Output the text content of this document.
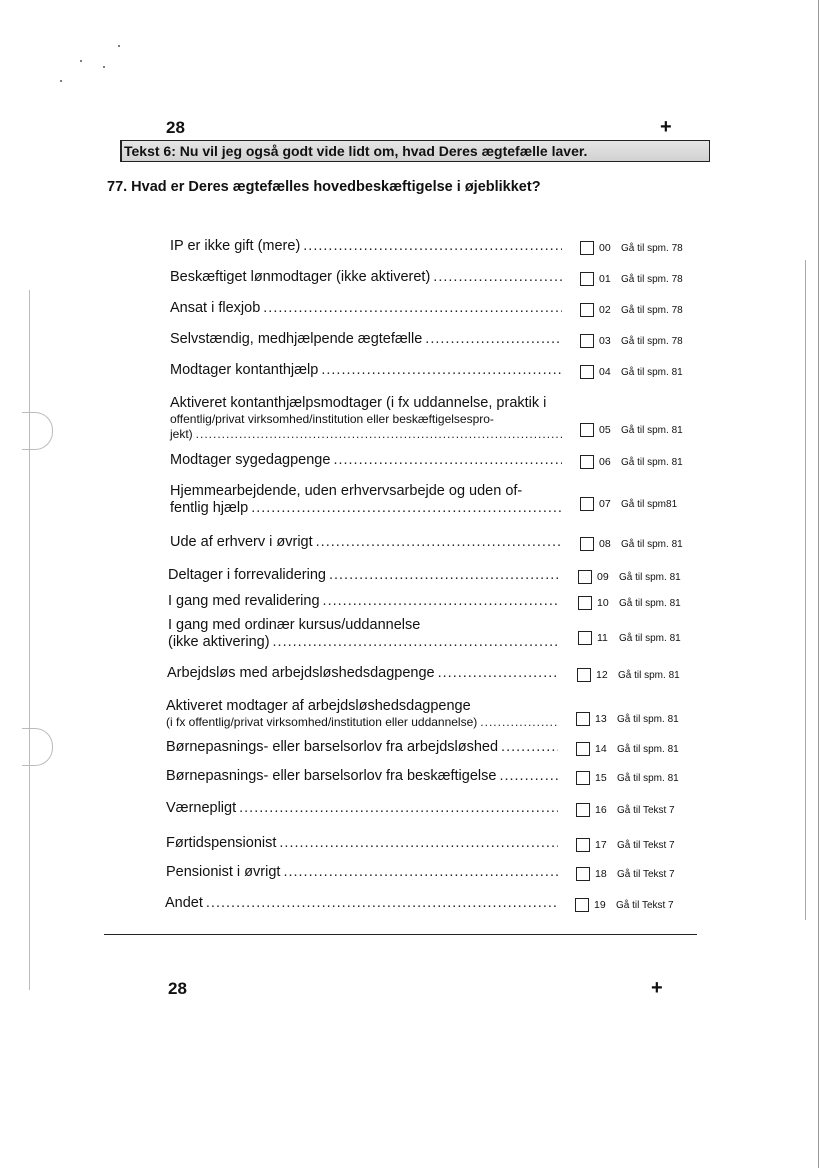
28	+
Tekst 6: Nu vil jeg også godt vide lidt om, hvad Deres ægtefælle laver.
77. Hvad er Deres ægtefælles hovedbeskæftigelse i øjeblikket?
IP er ikke gift (mere) .....	00	Gå til spm. 78
Beskæftiget lønmodtager (ikke aktiveret) .....	01	Gå til spm. 78
Ansat i flexjob .....	02	Gå til spm. 78
Selvstændig, medhjælpende ægtefælle .....	03	Gå til spm. 78
Modtager kontanthjælp .....	04	Gå til spm. 81
Aktiveret kontanthjælpsmodtager (i fx uddannelse, praktik i
offentlig/privat virksomhed/institution eller beskæftigelsespro-
jekt) .....	05	Gå til spm. 81
Modtager sygedagpenge .....	06	Gå til spm. 81
Hjemmearbejdende, uden erhvervsarbejde og uden of-
fentlig hjælp .....	07	Gå til spm81
Ude af erhverv i øvrigt .....	08	Gå til spm. 81
Deltager i forrevalidering .....	09	Gå til spm. 81
I gang med revalidering .....	10	Gå til spm. 81
I gang med ordinær kursus/uddannelse
(ikke aktivering) .....	11	Gå til spm. 81
Arbejdsløs med arbejdsløshedsdagpenge .....	12	Gå til spm. 81
Aktiveret modtager af arbejdsløshedsdagpenge
(i fx offentlig/privat virksomhed/institution eller uddannelse) .....	13	Gå til spm. 81
Børnepasnings- eller barselsorlov fra arbejdsløshed .....	14	Gå til spm. 81
Børnepasnings- eller barselsorlov fra beskæftigelse .....	15	Gå til spm. 81
Værnepligt .....	16	Gå til Tekst 7
Førtidspensionist .....	17	Gå til Tekst 7
Pensionist i øvrigt .....	18	Gå til Tekst 7
Andet .....	19	Gå til Tekst 7
28	+
